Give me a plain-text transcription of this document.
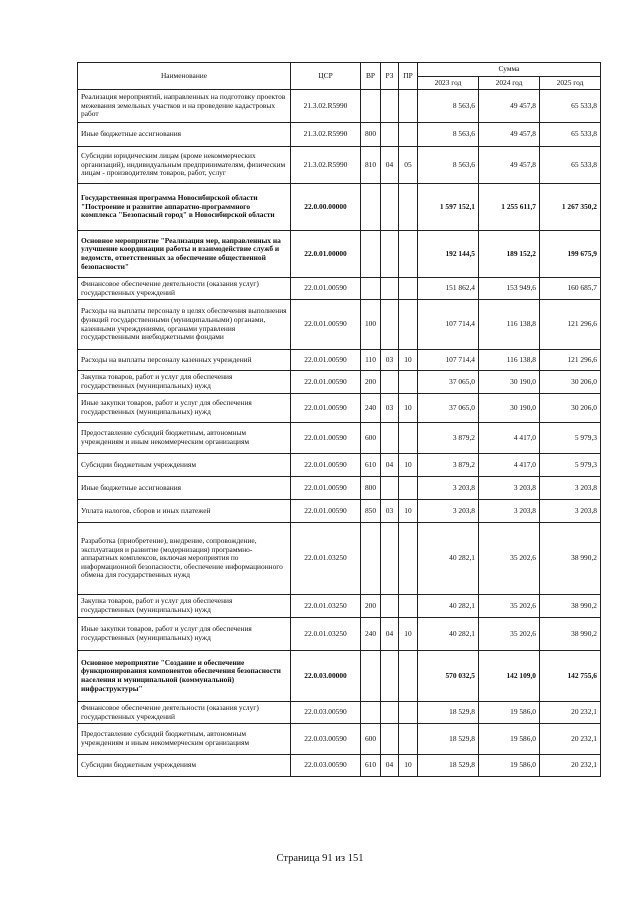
Наименование	ЦСР	ВР	РЗ	ПР	Сумма		
					2023 год	2024 год	2025 год
Реализация мероприятий, направленных на подготовку проектов межевания земельных участков и на проведение кадастровых работ	21.3.02.R5990				8 563,6	49 457,8	65 533,8
Иные бюджетные ассигнования	21.3.02.R5990	800			8 563,6	49 457,8	65 533,8
Субсидии юридическим лицам (кроме некоммерческих организаций), индивидуальным предпринимателям, физическим лицам - производителям товаров, работ, услуг	21.3.02.R5990	810	04	05	8 563,6	49 457,8	65 533,8
Государственная программа Новосибирской области "Построение и развитие аппаратно-программного комплекса "Безопасный город" в Новосибирской области	22.0.00.00000				1 597 152,1	1 255 611,7	1 267 350,2
Основное мероприятие "Реализация мер, направленных на улучшение координации работы и взаимодействие служб и ведомств, ответственных за обеспечение общественной безопасности"	22.0.01.00000				192 144,5	189 152,2	199 675,9
Финансовое обеспечение деятельности (оказания услуг) государственных учреждений	22.0.01.00590				151 862,4	153 949,6	160 685,7
Расходы на выплаты персоналу в целях обеспечения выполнения функций государственными (муниципальными) органами, казенными учреждениями, органами управления государственными внебюджетными фондами	22.0.01.00590	100			107 714,4	116 138,8	121 296,6
Расходы на выплаты персоналу казенных учреждений	22.0.01.00590	110	03	10	107 714,4	116 138,8	121 296,6
Закупка товаров, работ и услуг для обеспечения государственных (муниципальных) нужд	22.0.01.00590	200			37 065,0	30 190,0	30 206,0
Иные закупки товаров, работ и услуг для обеспечения государственных (муниципальных) нужд	22.0.01.00590	240	03	10	37 065,0	30 190,0	30 206,0
Предоставление субсидий бюджетным, автономным учреждениям и иным некоммерческим организациям	22.0.01.00590	600			3 879,2	4 417,0	5 979,3
Субсидии бюджетным учреждениям	22.0.01.00590	610	04	10	3 879,2	4 417,0	5 979,3
Иные бюджетные ассигнования	22.0.01.00590	800			3 203,8	3 203,8	3 203,8
Уплата налогов, сборов и иных платежей	22.0.01.00590	850	03	10	3 203,8	3 203,8	3 203,8
Разработка (приобретение), внедрение, сопровождение, эксплуатация и развитие (модернизация) программно-аппаратных комплексов, включая мероприятия по информационной безопасности, обеспечение информационного обмена для государственных нужд	22.0.01.03250				40 282,1	35 202,6	38 990,2
Закупка товаров, работ и услуг для обеспечения государственных (муниципальных) нужд	22.0.01.03250	200			40 282,1	35 202,6	38 990,2
Иные закупки товаров, работ и услуг для обеспечения государственных (муниципальных) нужд	22.0.01.03250	240	04	10	40 282,1	35 202,6	38 990,2
Основное мероприятие "Создание и обеспечение функционирования компонентов обеспечения безопасности населения и муниципальной (коммунальной) инфраструктуры"	22.0.03.00000				570 032,5	142 109,0	142 755,6
Финансовое обеспечение деятельности (оказания услуг) государственных учреждений	22.0.03.00590				18 529,8	19 586,0	20 232,1
Предоставление субсидий бюджетным, автономным учреждениям и иным некоммерческим организациям	22.0.03.00590	600			18 529,8	19 586,0	20 232,1
Субсидии бюджетным учреждениям	22.0.03.00590	610	04	10	18 529,8	19 586,0	20 232,1
Страница 91 из 151
